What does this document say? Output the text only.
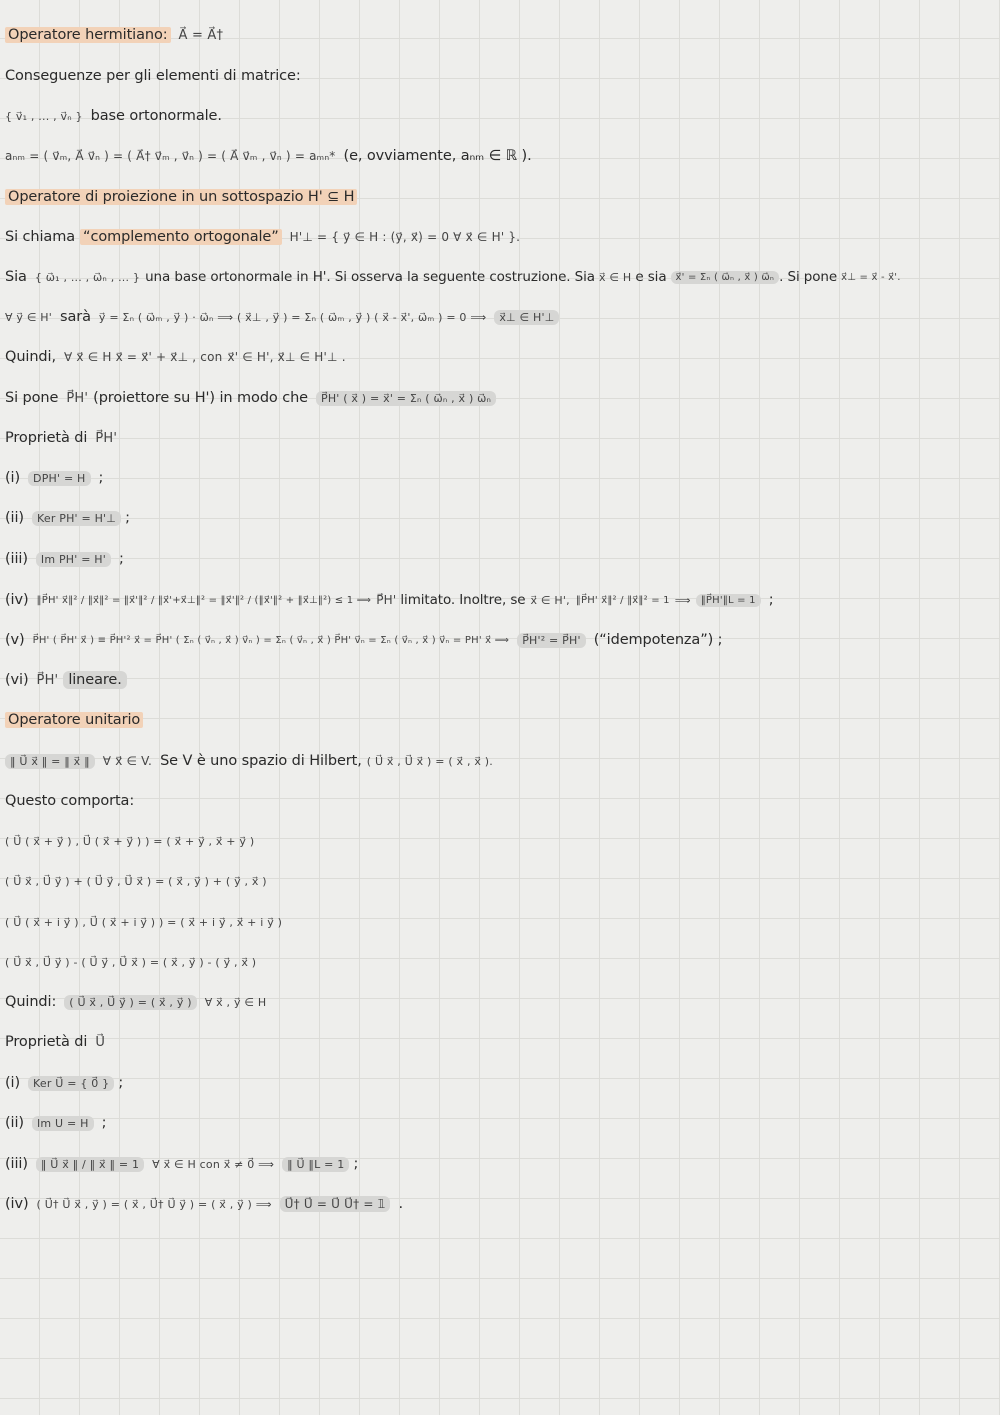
Operatore hermitiano: A⃗ = A⃗†
Conseguenze per gli elementi di matrice:
{ v⃗₁ , ... , v⃗ₙ } base ortonormale.
aₙₘ = ( v⃗ₘ, A⃗ v⃗ₙ ) = ( A⃗† v⃗ₘ , v⃗ₙ ) = ( A⃗ v⃗ₘ , v⃗ₙ ) = aₘₙ* (e, ovviamente, aₙₘ ∈ ℝ ).
Operatore di proiezione in un sottospazio H' ⊆ H
Si chiama “complemento ortogonale” H'⊥ = { y⃗ ∈ H : (y⃗, x⃗) = 0 ∀ x⃗ ∈ H' }.
Sia { ω⃗₁ , ... , ω⃗ₙ , ... } una base ortonormale in H'. Si osserva la seguente costruzione. Sia x⃗ ∈ H e sia x⃗' = Σₙ ( ω⃗ₙ , x⃗ ) ω⃗ₙ . Si pone x⃗⊥ = x⃗ - x⃗'.
∀ y⃗ ∈ H' sarà y⃗ = Σₙ ( ω⃗ₘ , y⃗ ) · ω⃗ₙ ⟹ ( x⃗⊥ , y⃗ ) = Σₙ ( ω⃗ₘ , y⃗ ) ( x⃗ - x⃗', ω⃗ₘ ) = 0 ⟹	x⃗⊥ ∈ H'⊥
Quindi, ∀ x⃗ ∈ H x⃗ = x⃗' + x⃗⊥ , con x⃗' ∈ H', x⃗⊥ ∈ H'⊥ .
Si pone P⃗H' (proiettore su H') in modo che	P⃗H' ( x⃗ ) = x⃗' = Σₙ ( ω⃗ₙ , x⃗ ) ω⃗ₙ
Proprietà di P⃗H'
(i)	DPH' = H ;
(ii)	Ker PH' = H'⊥ ;
(iii)	Im PH' = H' ;
(iv) ‖P⃗H' x⃗‖² / ‖x⃗‖² = ‖x⃗'‖² / ‖x⃗'+x⃗⊥‖² = ‖x⃗'‖² / (‖x⃗'‖² + ‖x⃗⊥‖²) ≤ 1 ⟹ P⃗H' limitato. Inoltre, se x⃗ ∈ H', ‖P⃗H' x⃗‖² / ‖x⃗‖² = 1 ⟹	‖P⃗H'‖L = 1 ;
(v) P⃗H' ( P⃗H' x⃗ ) ≡ P⃗H'² x⃗ = P⃗H' ( Σₙ ( v⃗ₙ , x⃗ ) v⃗ₙ ) = Σₙ ( v⃗ₙ , x⃗ ) P⃗H' v⃗ₙ = Σₙ ( v⃗ₙ , x⃗ ) v⃗ₙ = PH' x⃗ ⟹	P⃗H'² = P⃗H' (“idempotenza”) ;
(vi) P⃗H' lineare.
Operatore unitario
‖ U⃗ x⃗ ‖ = ‖ x⃗ ‖	∀ x⃗ ∈ V. Se V è uno spazio di Hilbert, ( U⃗ x⃗ , U⃗ x⃗ ) = ( x⃗ , x⃗ ).
Questo comporta:
( U⃗ ( x⃗ + y⃗ ) , U⃗ ( x⃗ + y⃗ ) ) = ( x⃗ + y⃗ , x⃗ + y⃗ )
( U⃗ x⃗ , U⃗ y⃗ ) + ( U⃗ y⃗ , U⃗ x⃗ ) = ( x⃗ , y⃗ ) + ( y⃗ , x⃗ )
( U⃗ ( x⃗ + i y⃗ ) , U⃗ ( x⃗ + i y⃗ ) ) = ( x⃗ + i y⃗ , x⃗ + i y⃗ )
( U⃗ x⃗ , U⃗ y⃗ ) - ( U⃗ y⃗ , U⃗ x⃗ ) = ( x⃗ , y⃗ ) - ( y⃗ , x⃗ )
Quindi:	( U⃗ x⃗ , U⃗ y⃗ ) = ( x⃗ , y⃗ )	∀ x⃗ , y⃗ ∈ H
Proprietà di U⃗
(i)	Ker U⃗ = { 0⃗ } ;
(ii)	Im U = H ;
(iii)	‖ U⃗ x⃗ ‖ / ‖ x⃗ ‖ = 1	∀ x⃗ ∈ H con x⃗ ≠ 0⃗ ⟹	‖ U⃗ ‖L = 1 ;
(iv) ( U⃗† U⃗ x⃗ , y⃗ ) = ( x⃗ , U⃗† U⃗ y⃗ ) = ( x⃗ , y⃗ ) ⟹	U⃗† U⃗ = U⃗ U⃗† = 𝟙 .
